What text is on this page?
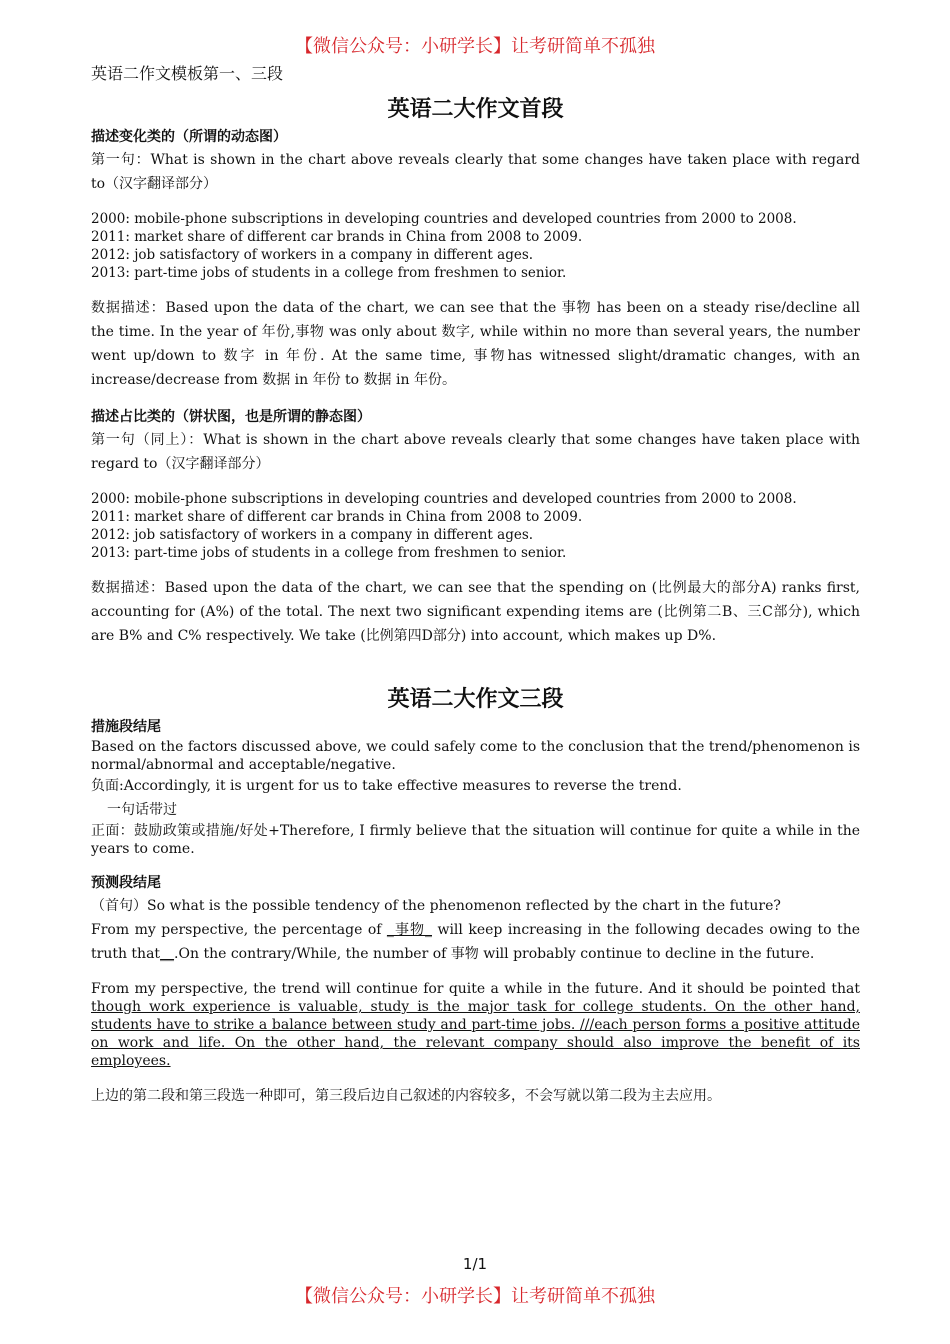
【微信公众号：小研学长】让考研简单不孤独
英语二作文模板第一、三段
英语二大作文首段
描述变化类的（所谓的动态图）

第一句：What is shown in the chart above reveals clearly that some changes have taken place with regard to（汉字翻译部分）

2000: mobile-phone subscriptions in developing countries and developed countries from 2000 to 2008.
2011: market share of different car brands in China from 2008 to 2009.
2012: job satisfactory of workers in a company in different ages.
2013: part-time jobs of students in a college from freshmen to senior.

数据描述：Based upon the data of the chart, we can see that the 事物 has been on a steady rise/decline all the time. In the year of 年份,事物 was only about 数字, while within no more than several years, the number went up/down to 数字 in 年份. At the same time, 事物has witnessed slight/dramatic changes, with an increase/decrease from 数据 in 年份 to 数据 in 年份。

描述占比类的（饼状图，也是所谓的静态图）

第一句（同上）：What is shown in the chart above reveals clearly that some changes have taken place with regard to（汉字翻译部分）

2000: mobile-phone subscriptions in developing countries and developed countries from 2000 to 2008.
2011: market share of different car brands in China from 2008 to 2009.
2012: job satisfactory of workers in a company in different ages.
2013: part-time jobs of students in a college from freshmen to senior.

数据描述：Based upon the data of the chart, we can see that the spending on (比例最大的部分A) ranks first, accounting for (A%) of the total. The next two significant expending items are (比例第二B、三C部分), which are B% and C% respectively. We take (比例第四D部分) into account, which makes up D%.

英语二大作文三段
措施段结尾

Based on the factors discussed above, we could safely come to the conclusion that the trend/phenomenon is normal/abnormal and acceptable/negative.

负面:Accordingly, it is urgent for us to take effective measures to reverse the trend.

一句话带过

正面：鼓励政策或措施/好处+Therefore, I firmly believe that the situation will continue for quite a while in the years to come.

预测段结尾

（首句）So what is the possible tendency of the phenomenon reflected by the chart in the future?

From my perspective, the percentage of _事物_ will keep increasing in the following decades owing to the truth that__.On the contrary/While, the number of 事物 will probably continue to decline in the future.

From my perspective, the trend will continue for quite a while in the future. And it should be pointed that though work experience is valuable, study is the major task for college students. On the other hand, students have to strike a balance between study and part-time jobs. ///each person forms a positive attitude on work and life. On the other hand, the relevant company should also improve the benefit of its employees.

上边的第二段和第三段选一种即可，第三段后边自己叙述的内容较多，不会写就以第二段为主去应用。

1/1
【微信公众号：小研学长】让考研简单不孤独
